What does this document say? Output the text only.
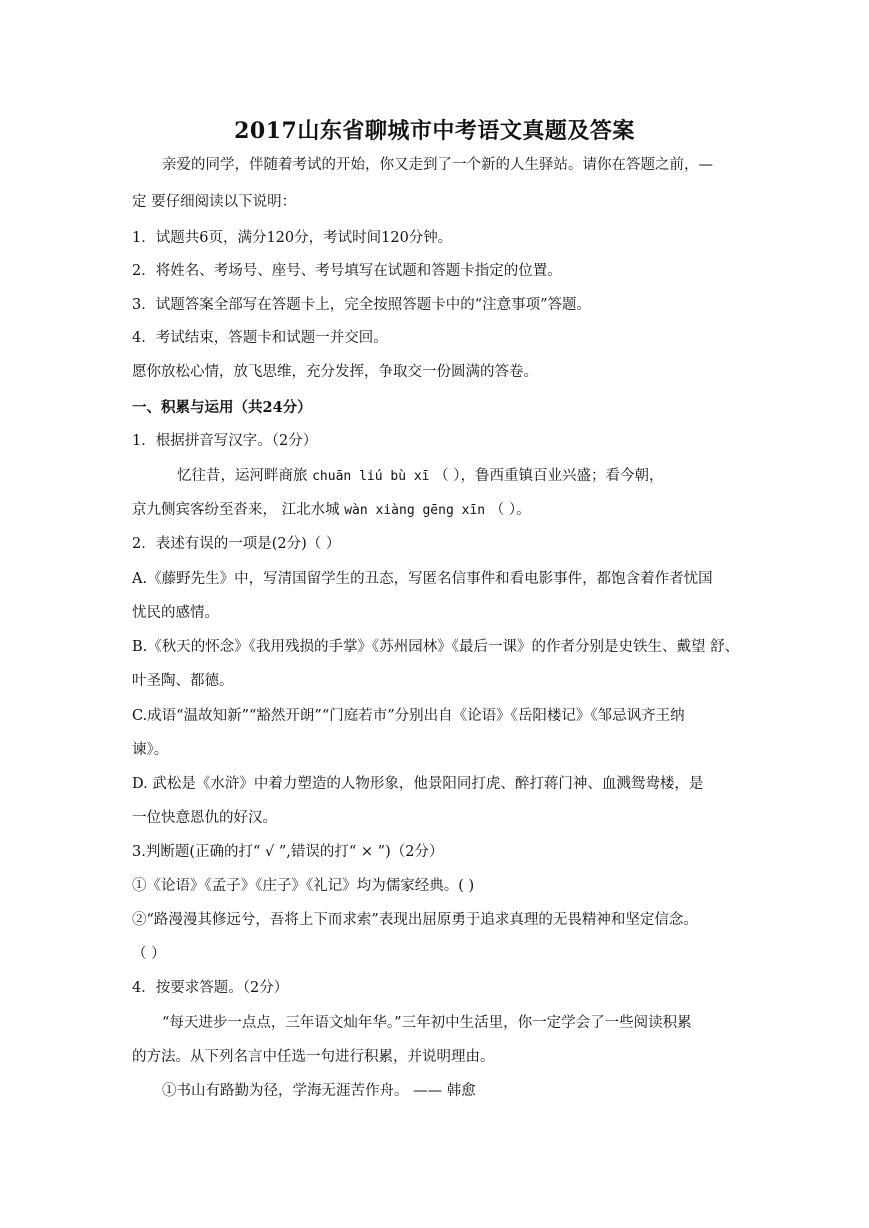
2017山东省聊城市中考语文真题及答案
亲爱的同学，伴随着考试的开始，你又走到了一个新的人生驿站。请你在答题之前，—
定 要仔细阅读以下说明：
1．试题共6页，满分120分，考试时间120分钟。
2．将姓名、考场号、座号、考号填写在试题和答题卡指定的位置。
3．试题答案全部写在答题卡上，完全按照答题卡中的“注意事项”答题。
4．考试结束，答题卡和试题一并交回。
愿你放松心情，放飞思维，充分发挥，争取交一份圆满的答卷。
一、积累与运用（共24分）
1．根据拼音写汉字。（2分）
忆往昔，运河畔商旅 chuān liú bù xī （ ），鲁西重镇百业兴盛；看今朝，
京九侧宾客纷至沓来， 江北水城 wàn xiàng gēng xīn （ ）。
2．表述有误的一项是(2分)（ ）
A.《藤野先生》中，写清国留学生的丑态，写匿名信事件和看电影事件，都饱含着作者忧国
忧民的感情。
B.《秋天的怀念》《我用残损的手掌》《苏州园林》《最后一课》的作者分别是史铁生、戴望 舒、
叶圣陶、都德。
C.成语“温故知新”“豁然开朗”“门庭若市”分别出自《论语》《岳阳楼记》《邹忌讽齐王纳
谏》。
D. 武松是《水浒》中着力塑造的人物形象，他景阳同打虎、醉打蒋门神、血溅鸳鸯楼，是
一位快意恩仇的好汉。
3.判断题(正确的打“ √ ”,错误的打“ × ”)（2分）
①《论语》《孟子》《庄子》《礼记》均为儒家经典。( )
②“路漫漫其修远兮，吾将上下而求索”表现出屈原勇于追求真理的无畏精神和坚定信念。
（ ）
4．按要求答题。（2分）
“每天进步一点点，三年语文灿年华。”三年初中生活里，你一定学会了一些阅读积累
的方法。从下列名言中任选一句进行积累，并说明理由。
①书山有路勤为径，学海无涯苦作舟。 —— 韩愈
